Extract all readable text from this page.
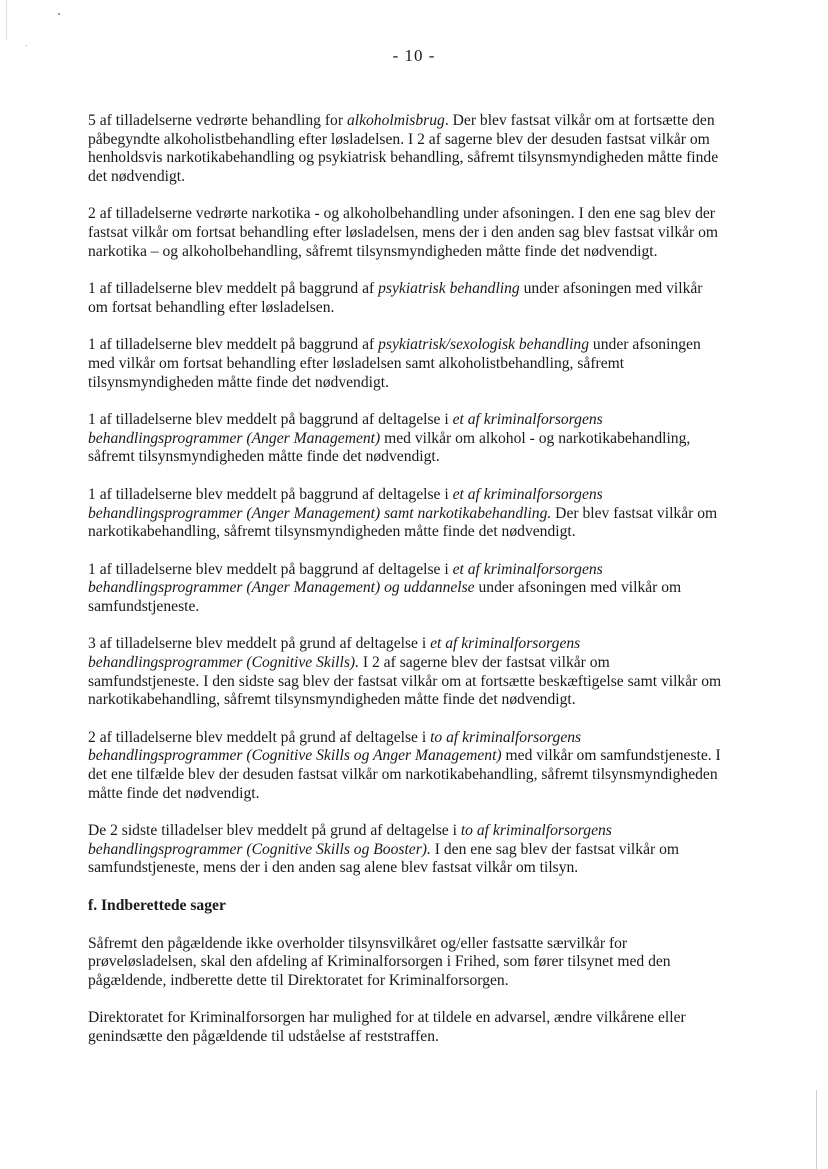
- 10 -

5 af tilladelserne vedrørte behandling for alkoholmisbrug. Der blev fastsat vilkår om at fortsætte den påbegyndte alkoholistbehandling efter løsladelsen. I 2 af sagerne blev der desuden fastsat vilkår om henholdsvis narkotikabehandling og psykiatrisk behandling, såfremt tilsynsmyndigheden måtte finde det nødvendigt.

2 af tilladelserne vedrørte narkotika - og alkoholbehandling under afsoningen. I den ene sag blev der fastsat vilkår om fortsat behandling efter løsladelsen, mens der i den anden sag blev fastsat vilkår om narkotika – og alkoholbehandling, såfremt tilsynsmyndigheden måtte finde det nødvendigt.

1 af tilladelserne blev meddelt på baggrund af psykiatrisk behandling under afsoningen med vilkår om fortsat behandling efter løsladelsen.

1 af tilladelserne blev meddelt på baggrund af psykiatrisk/sexologisk behandling under afsoningen med vilkår om fortsat behandling efter løsladelsen samt alkoholistbehandling, såfremt tilsynsmyndigheden måtte finde det nødvendigt.

1 af tilladelserne blev meddelt på baggrund af deltagelse i et af kriminalforsorgens behandlingsprogrammer (Anger Management) med vilkår om alkohol - og narkotikabehandling, såfremt tilsynsmyndigheden måtte finde det nødvendigt.

1 af tilladelserne blev meddelt på baggrund af deltagelse i et af kriminalforsorgens behandlingsprogrammer (Anger Management) samt narkotikabehandling. Der blev fastsat vilkår om narkotikabehandling, såfremt tilsynsmyndigheden måtte finde det nødvendigt.

1 af tilladelserne blev meddelt på baggrund af deltagelse i et af kriminalforsorgens behandlingsprogrammer (Anger Management) og uddannelse under afsoningen med vilkår om samfundstjeneste.

3 af tilladelserne blev meddelt på grund af deltagelse i et af kriminalforsorgens behandlingsprogrammer (Cognitive Skills). I 2 af sagerne blev der fastsat vilkår om samfundstjeneste. I den sidste sag blev der fastsat vilkår om at fortsætte beskæftigelse samt vilkår om narkotikabehandling, såfremt tilsynsmyndigheden måtte finde det nødvendigt.

2 af tilladelserne blev meddelt på grund af deltagelse i to af kriminalforsorgens behandlingsprogrammer (Cognitive Skills og Anger Management) med vilkår om samfundstjeneste. I det ene tilfælde blev der desuden fastsat vilkår om narkotikabehandling, såfremt tilsynsmyndigheden måtte finde det nødvendigt.

De 2 sidste tilladelser blev meddelt på grund af deltagelse i to af kriminalforsorgens behandlingsprogrammer (Cognitive Skills og Booster). I den ene sag blev der fastsat vilkår om samfundstjeneste, mens der i den anden sag alene blev fastsat vilkår om tilsyn.

f. Indberettede sager

Såfremt den pågældende ikke overholder tilsynsvilkåret og/eller fastsatte særvilkår for prøveløsladelsen, skal den afdeling af Kriminalforsorgen i Frihed, som fører tilsynet med den pågældende, indberette dette til Direktoratet for Kriminalforsorgen.

Direktoratet for Kriminalforsorgen har mulighed for at tildele en advarsel, ændre vilkårene eller genindsætte den pågældende til udståelse af reststraffen.
